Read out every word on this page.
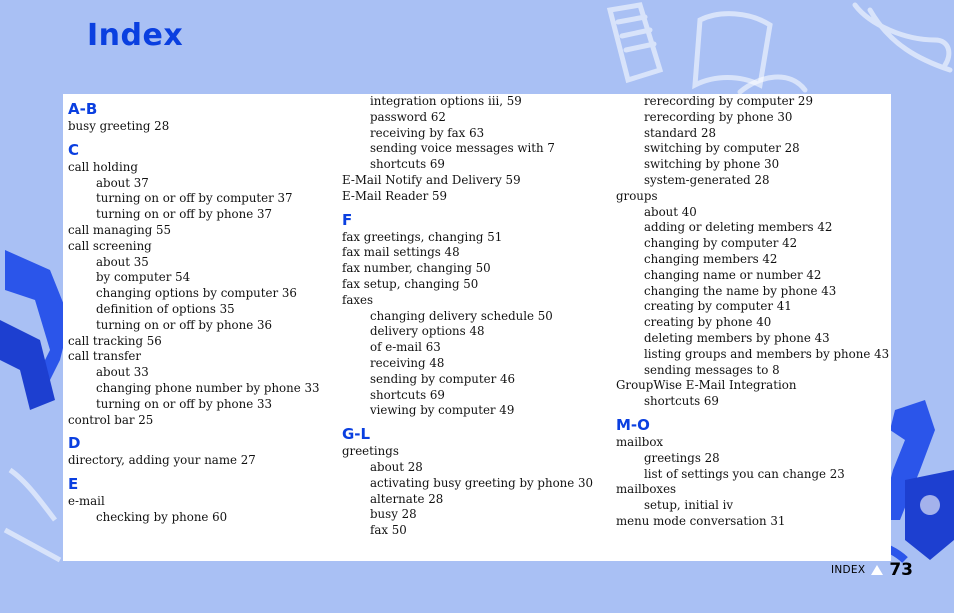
Index
A-B
busy greeting 28
C
call holding
about 37
turning on or off by computer 37
turning on or off by phone 37
call managing 55
call screening
about 35
by computer 54
changing options by computer 36
definition of options 35
turning on or off by phone 36
call tracking 56
call transfer
about 33
changing phone number by phone 33
turning on or off by phone 33
control bar 25
D
directory, adding your name 27
E
e-mail
checking by phone 60
integration options iii, 59
password 62
receiving by fax 63
sending voice messages with 7
shortcuts 69
E-Mail Notify and Delivery 59
E-Mail Reader 59
F
fax greetings, changing 51
fax mail settings 48
fax number, changing 50
fax setup, changing 50
faxes
changing delivery schedule 50
delivery options 48
of e-mail 63
receiving 48
sending by computer 46
shortcuts 69
viewing by computer 49
G-L
greetings
about 28
activating busy greeting by phone 30
alternate 28
busy 28
fax 50
rerecording by computer 29
rerecording by phone 30
standard 28
switching by computer 28
switching by phone 30
system-generated 28
groups
about 40
adding or deleting members 42
changing by computer 42
changing members 42
changing name or number 42
changing the name by phone 43
creating by computer 41
creating by phone 40
deleting members by phone 43
listing groups and members by phone 43
sending messages to 8
GroupWise E-Mail Integration
shortcuts 69
M-O
mailbox
greetings 28
list of settings you can change 23
mailboxes
setup, initial iv
menu mode conversation 31
INDEX 73
